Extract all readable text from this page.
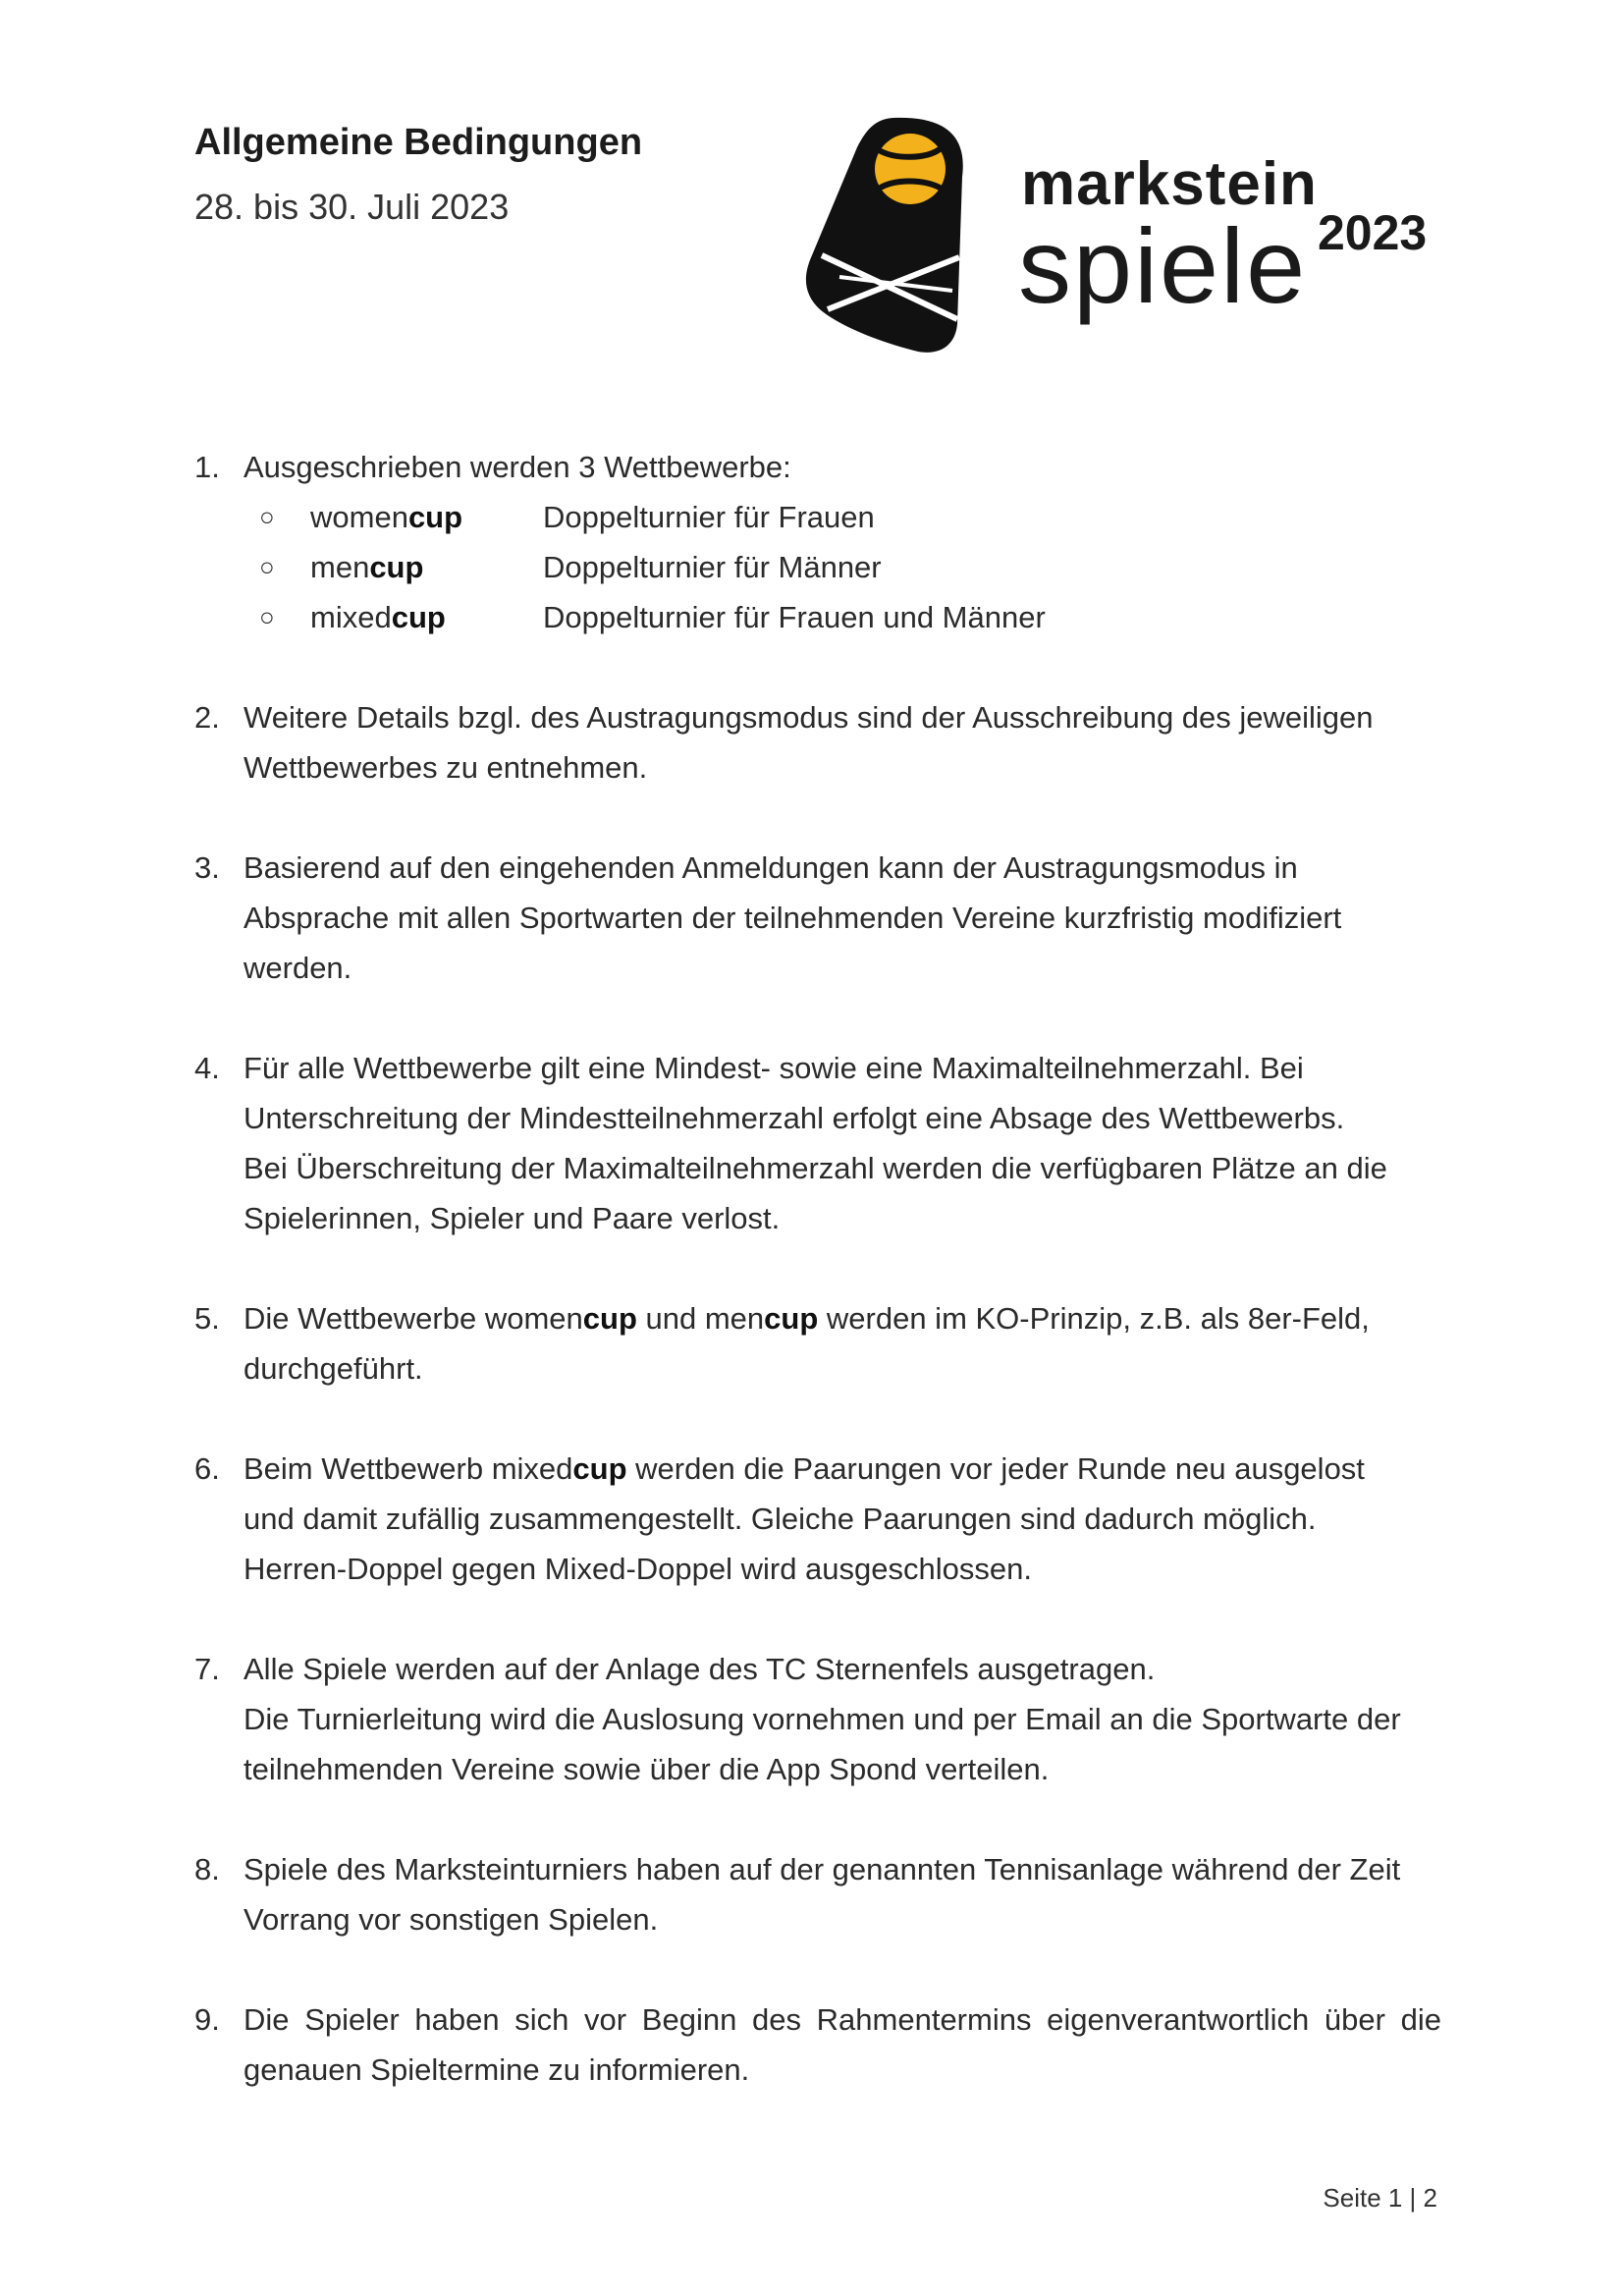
Allgemeine Bedingungen

28. bis 30. Juli 2023	markstein
spiele 2023
1. Ausgeschrieben werden 3 Wettbewerbe:
○ womencup	Doppelturnier für Frauen
○ mencup	Doppelturnier für Männer
○ mixedcup	Doppelturnier für Frauen und Männer
2. Weitere Details bzgl. des Austragungsmodus sind der Ausschreibung des jeweiligen
Wettbewerbes zu entnehmen.
3. Basierend auf den eingehenden Anmeldungen kann der Austragungsmodus in
Absprache mit allen Sportwarten der teilnehmenden Vereine kurzfristig modifiziert
werden.
4. Für alle Wettbewerbe gilt eine Mindest- sowie eine Maximalteilnehmerzahl. Bei
Unterschreitung der Mindestteilnehmerzahl erfolgt eine Absage des Wettbewerbs.
Bei Überschreitung der Maximalteilnehmerzahl werden die verfügbaren Plätze an die
Spielerinnen, Spieler und Paare verlost.
5. Die Wettbewerbe womencup und mencup werden im KO-Prinzip, z.B. als 8er-Feld,
durchgeführt.
6. Beim Wettbewerb mixedcup werden die Paarungen vor jeder Runde neu ausgelost
und damit zufällig zusammengestellt. Gleiche Paarungen sind dadurch möglich.
Herren-Doppel gegen Mixed-Doppel wird ausgeschlossen.
7. Alle Spiele werden auf der Anlage des TC Sternenfels ausgetragen.
Die Turnierleitung wird die Auslosung vornehmen und per Email an die Sportwarte der
teilnehmenden Vereine sowie über die App Spond verteilen.
8. Spiele des Marksteinturniers haben auf der genannten Tennisanlage während der Zeit
Vorrang vor sonstigen Spielen.
9. Die Spieler haben sich vor Beginn des Rahmentermins eigenverantwortlich über die
genauen Spieltermine zu informieren.

Seite 1 | 2
